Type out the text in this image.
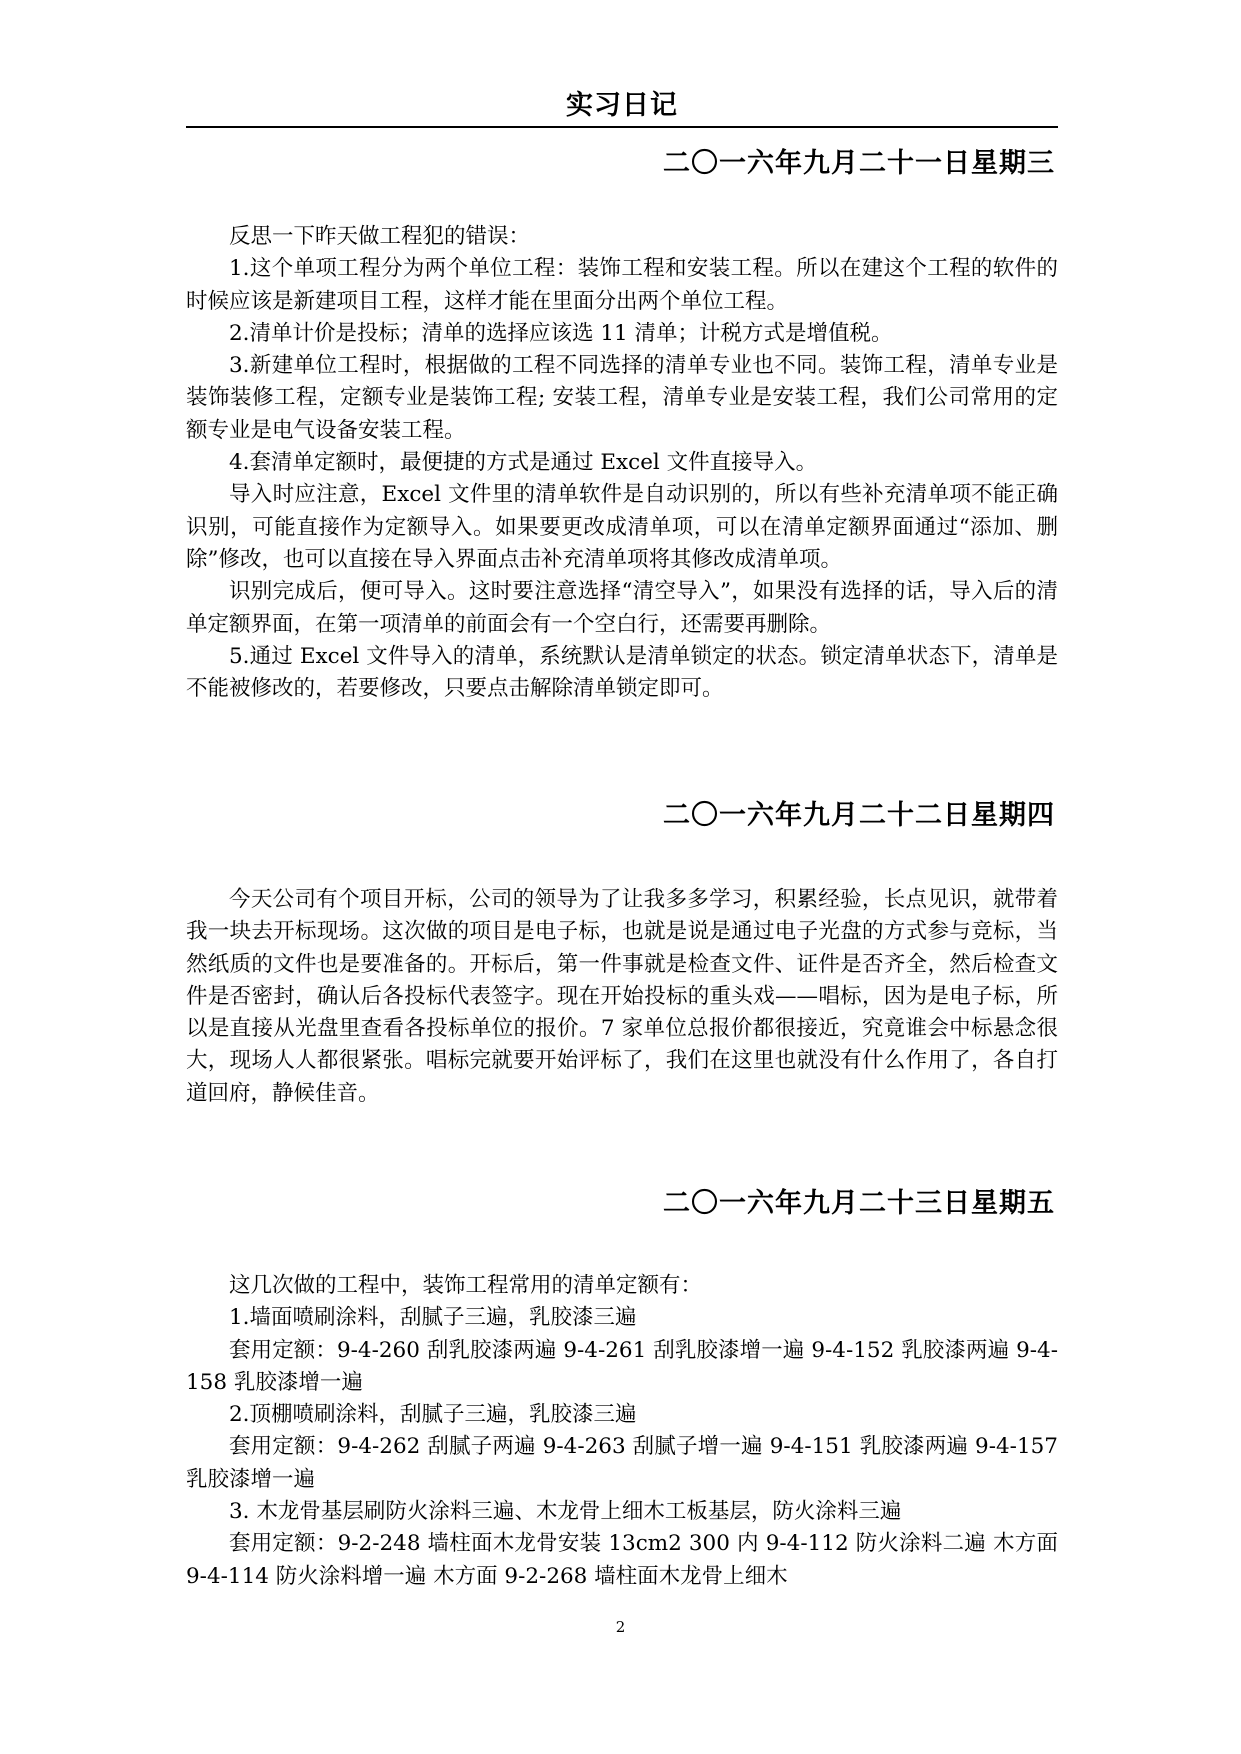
实习日记
二〇一六年九月二十一日星期三

反思一下昨天做工程犯的错误：

1.这个单项工程分为两个单位工程：装饰工程和安装工程。所以在建这个工程的软件的时候应该是新建项目工程，这样才能在里面分出两个单位工程。

2.清单计价是投标；清单的选择应该选 11 清单；计税方式是增值税。

3.新建单位工程时，根据做的工程不同选择的清单专业也不同。装饰工程，清单专业是装饰装修工程，定额专业是装饰工程; 安装工程，清单专业是安装工程，我们公司常用的定额专业是电气设备安装工程。

4.套清单定额时，最便捷的方式是通过 Excel 文件直接导入。

导入时应注意，Excel 文件里的清单软件是自动识别的，所以有些补充清单项不能正确识别，可能直接作为定额导入。如果要更改成清单项，可以在清单定额界面通过“添加、删除”修改，也可以直接在导入界面点击补充清单项将其修改成清单项。

识别完成后，便可导入。这时要注意选择“清空导入”，如果没有选择的话，导入后的清单定额界面，在第一项清单的前面会有一个空白行，还需要再删除。

5.通过 Excel 文件导入的清单，系统默认是清单锁定的状态。锁定清单状态下，清单是不能被修改的，若要修改，只要点击解除清单锁定即可。

二〇一六年九月二十二日星期四

今天公司有个项目开标，公司的领导为了让我多多学习，积累经验，长点见识，就带着我一块去开标现场。这次做的项目是电子标，也就是说是通过电子光盘的方式参与竞标，当然纸质的文件也是要准备的。开标后，第一件事就是检查文件、证件是否齐全，然后检查文件是否密封，确认后各投标代表签字。现在开始投标的重头戏——唱标，因为是电子标，所以是直接从光盘里查看各投标单位的报价。7 家单位总报价都很接近，究竟谁会中标悬念很大，现场人人都很紧张。唱标完就要开始评标了，我们在这里也就没有什么作用了，各自打道回府，静候佳音。

二〇一六年九月二十三日星期五

这几次做的工程中，装饰工程常用的清单定额有：

1.墙面喷刷涂料，刮腻子三遍，乳胶漆三遍

套用定额：9-4-260 刮乳胶漆两遍 9-4-261 刮乳胶漆增一遍 9-4-152 乳胶漆两遍 9-4-158 乳胶漆增一遍

2.顶棚喷刷涂料，刮腻子三遍，乳胶漆三遍

套用定额：9-4-262 刮腻子两遍 9-4-263 刮腻子增一遍 9-4-151 乳胶漆两遍 9-4-157 乳胶漆增一遍

3. 木龙骨基层刷防火涂料三遍、木龙骨上细木工板基层，防火涂料三遍

套用定额：9-2-248 墙柱面木龙骨安装 13cm2 300 内 9-4-112 防火涂料二遍 木方面 9-4-114 防火涂料增一遍 木方面 9-2-268 墙柱面木龙骨上细木

2
